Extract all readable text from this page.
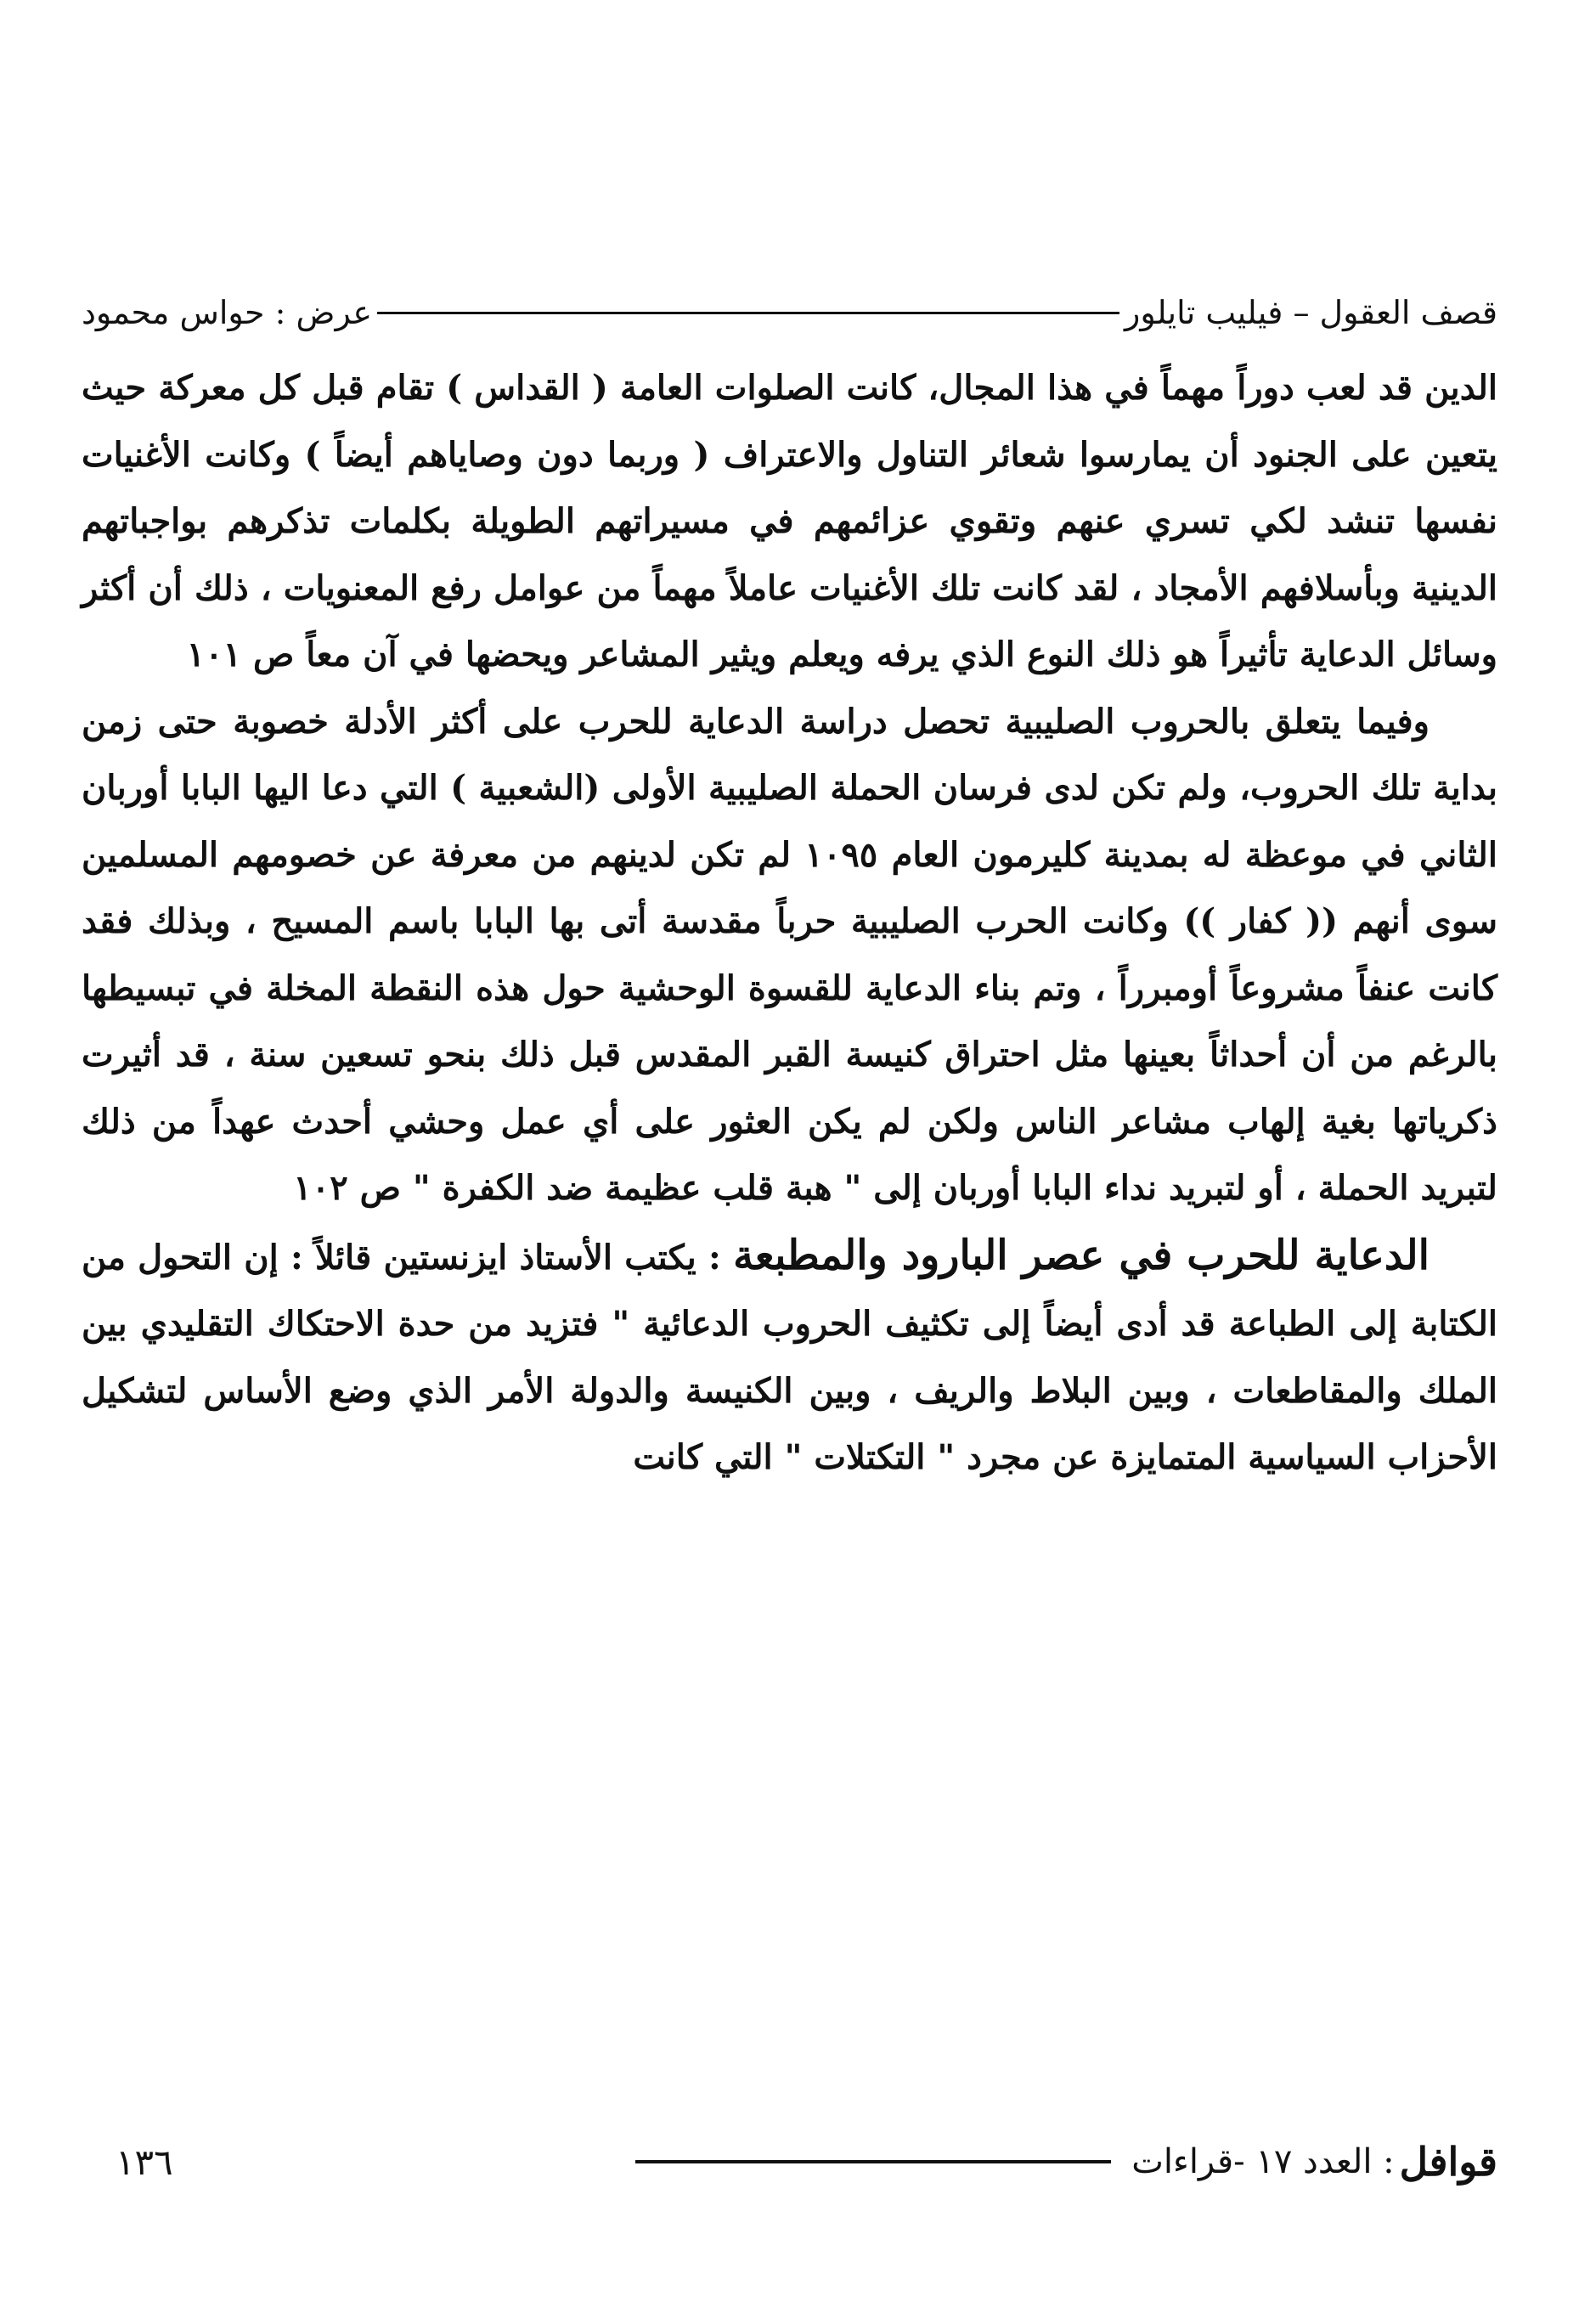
قصف العقول – فيليب تايلور
عرض : حواس محمود

الدين قد لعب دوراً مهماً في هذا المجال، كانت الصلوات العامة ( القداس ) تقام قبل كل معركة حيث يتعين على الجنود أن يمارسوا شعائر التناول والاعتراف ( وربما دون وصاياهم أيضاً ) وكانت الأغنيات نفسها تنشد لكي تسري عنهم وتقوي عزائمهم في مسيراتهم الطويلة بكلمات تذكرهم بواجباتهم الدينية وبأسلافهم الأمجاد ، لقد كانت تلك الأغنيات عاملاً مهماً من عوامل رفع المعنويات ، ذلك أن أكثر وسائل الدعاية تأثيراً هو ذلك النوع الذي يرفه ويعلم ويثير المشاعر ويحضها في آن معاً ص ١٠١

وفيما يتعلق بالحروب الصليبية تحصل دراسة الدعاية للحرب على أكثر الأدلة خصوبة حتى زمن بداية تلك الحروب، ولم تكن لدى فرسان الحملة الصليبية الأولى (الشعبية ) التي دعا اليها البابا أوربان الثاني في موعظة له بمدينة كليرمون العام ١٠٩٥ لم تكن لدينهم من معرفة عن خصومهم المسلمين سوى أنهم (( كفار )) وكانت الحرب الصليبية حرباً مقدسة أتى بها البابا باسم المسيح ، وبذلك فقد كانت عنفاً مشروعاً أومبرراً ، وتم بناء الدعاية للقسوة الوحشية حول هذه النقطة المخلة في تبسيطها بالرغم من أن أحداثاً بعينها مثل احتراق كنيسة القبر المقدس قبل ذلك بنحو تسعين سنة ، قد أثيرت ذكرياتها بغية إلهاب مشاعر الناس ولكن لم يكن العثور على أي عمل وحشي أحدث عهداً من ذلك لتبريد الحملة ، أو لتبريد نداء البابا أوربان إلى " هبة قلب عظيمة ضد الكفرة " ص ١٠٢

الدعاية للحرب في عصر البارود والمطبعة : يكتب الأستاذ ايزنستين قائلاً : إن التحول من الكتابة إلى الطباعة قد أدى أيضاً إلى تكثيف الحروب الدعائية " فتزيد من حدة الاحتكاك التقليدي بين الملك والمقاطعات ، وبين البلاط والريف ، وبين الكنيسة والدولة الأمر الذي وضع الأساس لتشكيل الأحزاب السياسية المتمايزة عن مجرد " التكتلات " التي كانت

قوافل
: العدد ١٧ -قراءات
١٣٦
